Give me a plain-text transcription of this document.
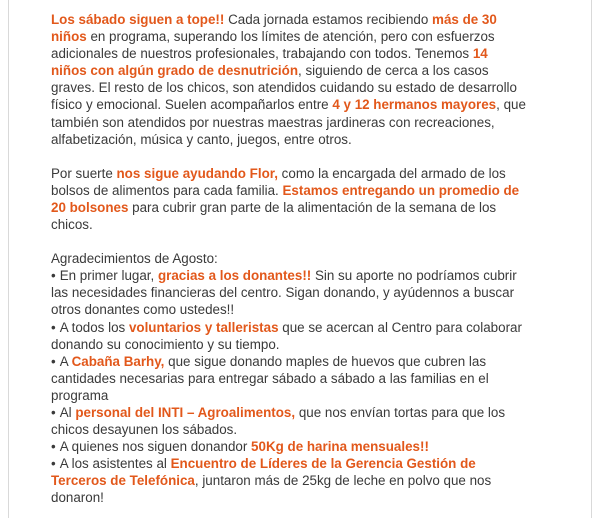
Los sábado siguen a tope!! Cada jornada estamos recibiendo más de 30 niños en programa, superando los límites de atención, pero con esfuerzos adicionales de nuestros profesionales, trabajando con todos. Tenemos 14 niños con algún grado de desnutrición, siguiendo de cerca a los casos graves. El resto de los chicos, son atendidos cuidando su estado de desarrollo físico y emocional. Suelen acompañarlos entre 4 y 12 hermanos mayores, que también son atendidos por nuestras maestras jardineras con recreaciones, alfabetización, música y canto, juegos, entre otros.

Por suerte nos sigue ayudando Flor, como la encargada del armado de los bolsos de alimentos para cada familia. Estamos entregando un promedio de 20 bolsones para cubrir gran parte de la alimentación de la semana de los chicos.

Agradecimientos de Agosto:

• En primer lugar, gracias a los donantes!! Sin su aporte no podríamos cubrir las necesidades financieras del centro. Sigan donando, y ayúdennos a buscar otros donantes como ustedes!!
• A todos los voluntarios y talleristas que se acercan al Centro para colaborar donando su conocimiento y su tiempo.
• A Cabaña Barhy, que sigue donando maples de huevos que cubren las cantidades necesarias para entregar sábado a sábado a las familias en el programa
• Al personal del INTI – Agroalimentos, que nos envían tortas para que los chicos desayunen los sábados.
• A quienes nos siguen donandor 50Kg de harina mensuales!!
• A los asistentes al Encuentro de Líderes de la Gerencia Gestión de Terceros de Telefónica, juntaron más de 25kg de leche en polvo que nos donaron!
